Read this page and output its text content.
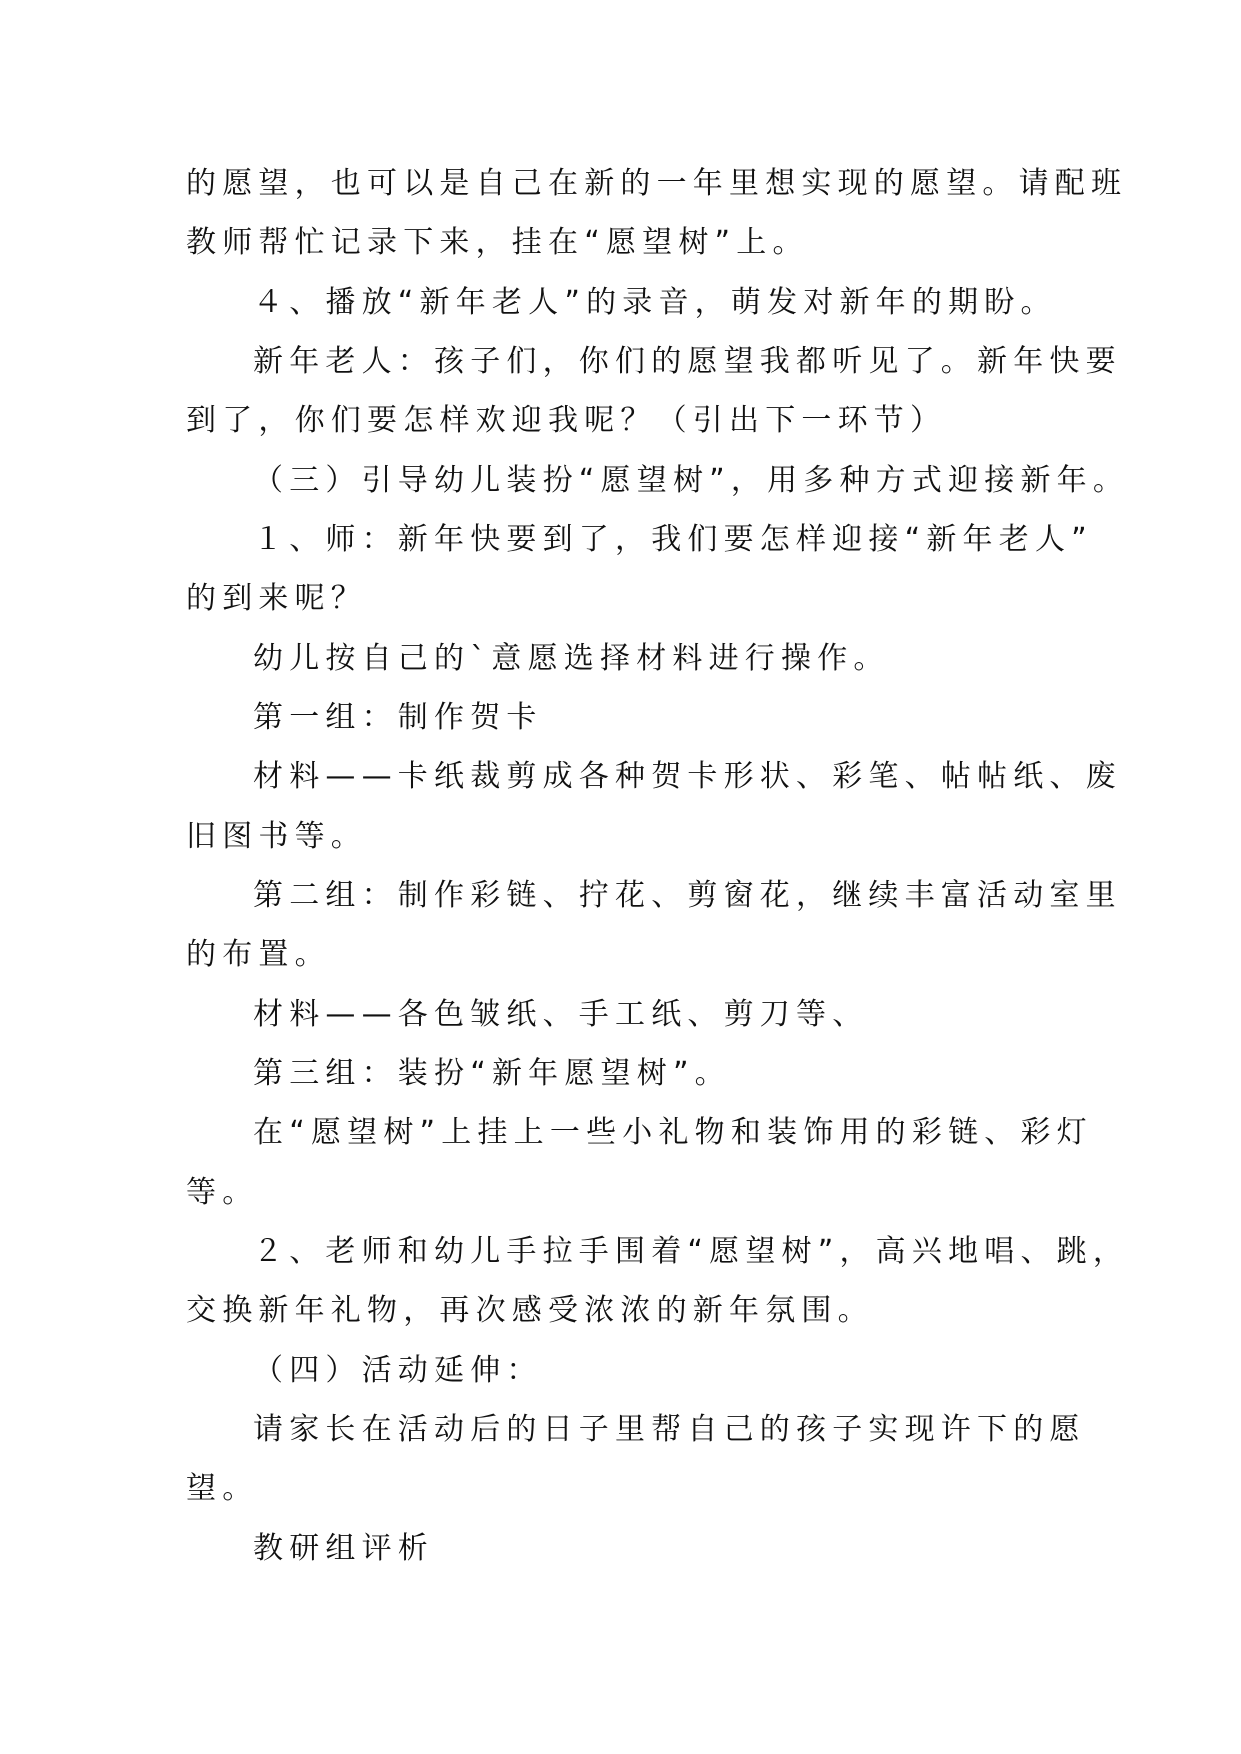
的愿望，也可以是自己在新的一年里想实现的愿望。请配班
教师帮忙记录下来，挂在“愿望树”上。
４、播放“新年老人”的录音，萌发对新年的期盼。
新年老人：孩子们，你们的愿望我都听见了。新年快要
到了，你们要怎样欢迎我呢？（引出下一环节）
（三）引导幼儿装扮“愿望树”，用多种方式迎接新年。
１、师：新年快要到了，我们要怎样迎接“新年老人”
的到来呢？
幼儿按自己的`意愿选择材料进行操作。
第一组：制作贺卡
材料——卡纸裁剪成各种贺卡形状、彩笔、帖帖纸、废
旧图书等。
第二组：制作彩链、拧花、剪窗花，继续丰富活动室里
的布置。
材料——各色皱纸、手工纸、剪刀等、
第三组：装扮“新年愿望树”。
在“愿望树”上挂上一些小礼物和装饰用的彩链、彩灯
等。
２、老师和幼儿手拉手围着“愿望树”，高兴地唱、跳，
交换新年礼物，再次感受浓浓的新年氛围。
（四）活动延伸：
请家长在活动后的日子里帮自己的孩子实现许下的愿
望。
教研组评析
